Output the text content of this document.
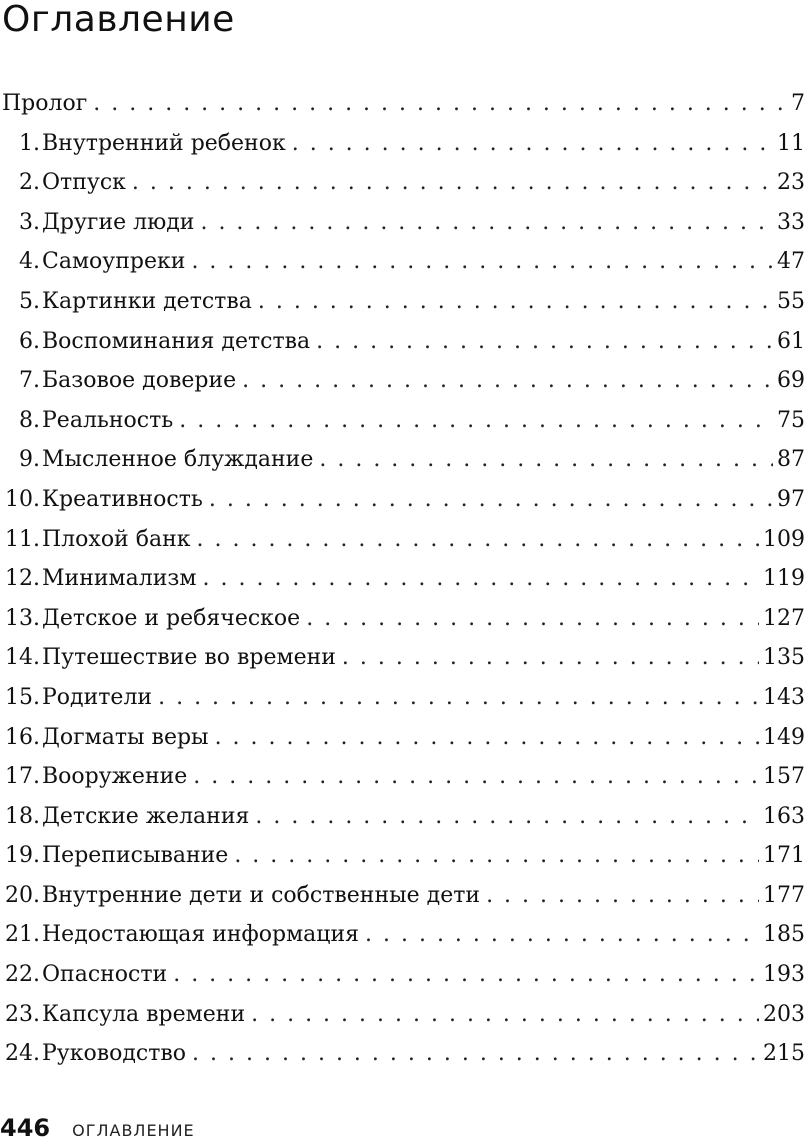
Оглавление
Пролог . . .	7
1. Внутренний ребенок . . .	11
2. Отпуск . . .	23
3. Другие люди . . .	33
4. Самоупреки . . .	47
5. Картинки детства . . .	55
6. Воспоминания детства . . .	61
7. Базовое доверие . . .	69
8. Реальность . . .	75
9. Мысленное блуждание . . .	87
10. Креативность . . .	97
11. Плохой банк . . .	109
12. Минимализм . . .	119
13. Детское и ребяческое . . .	127
14. Путешествие во времени . . .	135
15. Родители . . .	143
16. Догматы веры . . .	149
17. Вооружение . . .	157
18. Детские желания . . .	163
19. Переписывание . . .	171
20. Внутренние дети и собственные дети . . .	177
21. Недостающая информация . . .	185
22. Опасности . . .	193
23. Капсула времени . . .	203
24. Руководство . . .	215
446 ОГЛАВЛЕНИЕ
